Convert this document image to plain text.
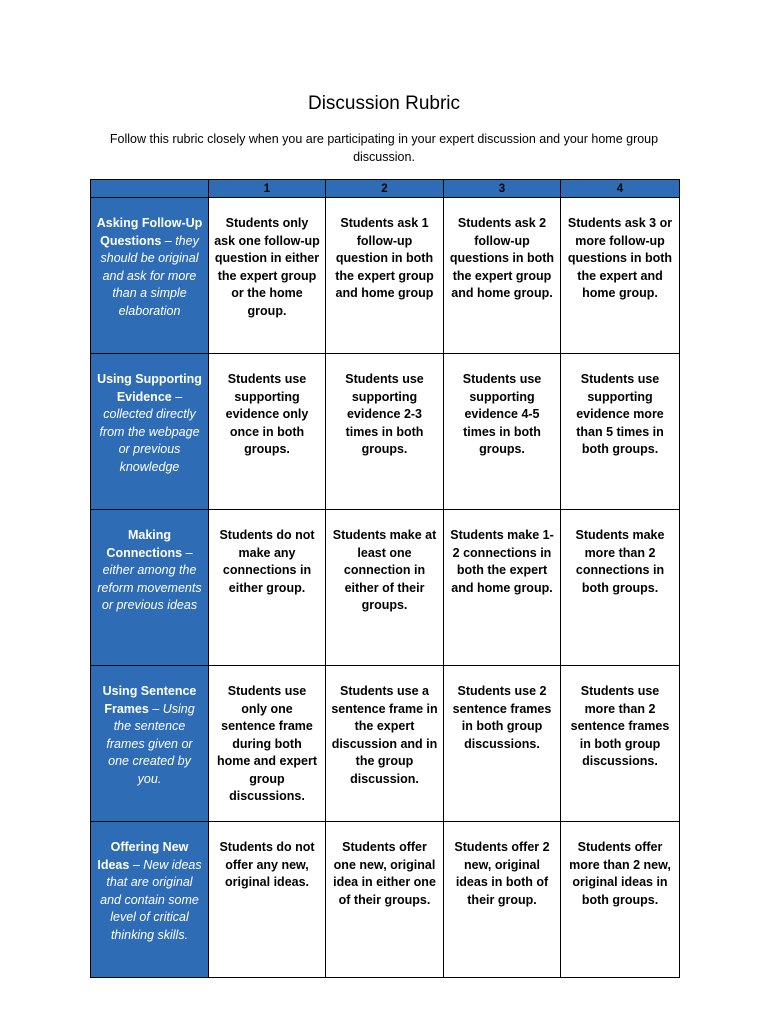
Discussion Rubric

Follow this rubric closely when you are participating in your expert discussion and your home group discussion.

	1	2	3	4
Asking Follow-Up Questions – they should be original and ask for more than a simple elaboration	Students only ask one follow-up question in either the expert group or the home group.	Students ask 1 follow-up question in both the expert group and home group	Students ask 2 follow-up questions in both the expert group and home group.	Students ask 3 or more follow-up questions in both the expert and home group.
Using Supporting Evidence – collected directly from the webpage or previous knowledge	Students use supporting evidence only once in both groups.	Students use supporting evidence 2-3 times in both groups.	Students use supporting evidence 4-5 times in both groups.	Students use supporting evidence more than 5 times in both groups.
Making Connections – either among the reform movements or previous ideas	Students do not make any connections in either group.	Students make at least one connection in either of their groups.	Students make 1-2 connections in both the expert and home group.	Students make more than 2 connections in both groups.
Using Sentence Frames – Using the sentence frames given or one created by you.	Students use only one sentence frame during both home and expert group discussions.	Students use a sentence frame in the expert discussion and in the group discussion.	Students use 2 sentence frames in both group discussions.	Students use more than 2 sentence frames in both group discussions.
Offering New Ideas – New ideas that are original and contain some level of critical thinking skills.	Students do not offer any new, original ideas.	Students offer one new, original idea in either one of their groups.	Students offer 2 new, original ideas in both of their group.	Students offer more than 2 new, original ideas in both groups.
